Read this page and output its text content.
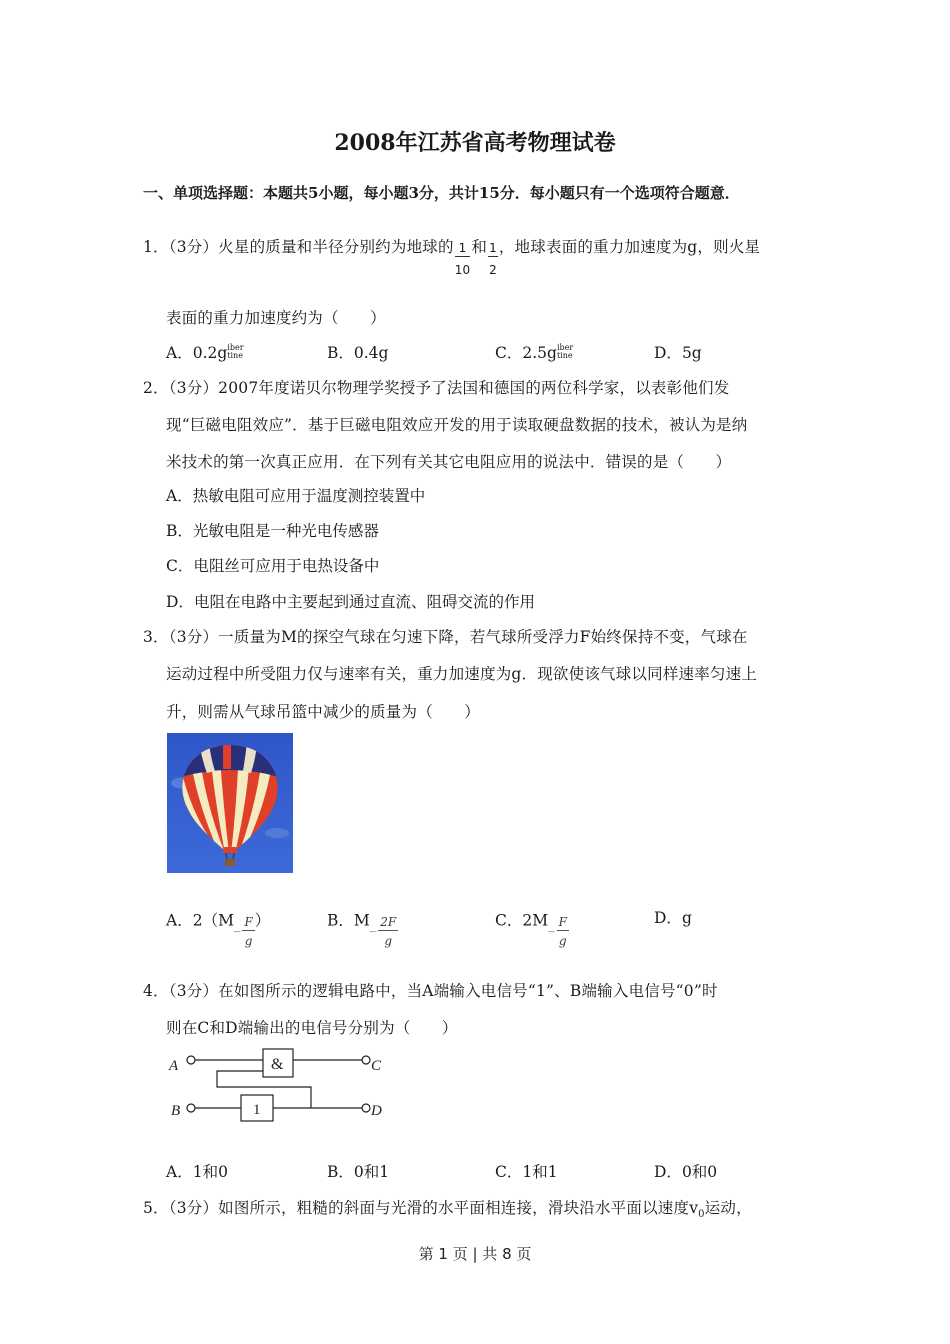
2008年江苏省高考物理试卷
一、单项选择题：本题共5小题，每小题3分，共计15分．每小题只有一个选项符合题意．
1．（3分）火星的质量和半径分别约为地球的 $\frac{1}{10}$ 和 $\frac{1}{2}$ ，地球表面的重力加速度为g，则火星
表面的重力加速度约为（　　）
A．0.2g iber
tine	B．0.4g	C．2.5g iber
tine	D．5g
2．（3分）2007年度诺贝尔物理学奖授予了法国和德国的两位科学家，以表彰他们发
现“巨磁电阻效应”．基于巨磁电阻效应开发的用于读取硬盘数据的技术，被认为是纳
米技术的第一次真正应用．在下列有关其它电阻应用的说法中．错误的是（　　）
A．热敏电阻可应用于温度测控装置中
B．光敏电阻是一种光电传感器
C．电阻丝可应用于电热设备中
D．电阻在电路中主要起到通过直流、阻碍交流的作用
3．（3分）一质量为M的探空气球在匀速下降，若气球所受浮力F始终保持不变，气球在
运动过程中所受阻力仅与速率有关，重力加速度为g．现欲使该气球以同样速率匀速上
升，则需从气球吊篮中减少的质量为（　　）
A．2（M_ $\frac{F}{g}$ ）	B．M_ $\frac{2F}{g}$	C．2M_ $\frac{F}{g}$	D．g
4．（3分）在如图所示的逻辑电路中，当A端输入电信号“1”、B端输入电信号“0”时
则在C和D端输出的电信号分别为（　　）
A
B
C
D
&
1
A．1和0	B．0和1	C．1和1	D．0和0
5．（3分）如图所示，粗糙的斜面与光滑的水平面相连接，滑块沿水平面以速度$v_0$运动，
第 1 页 | 共 8 页
